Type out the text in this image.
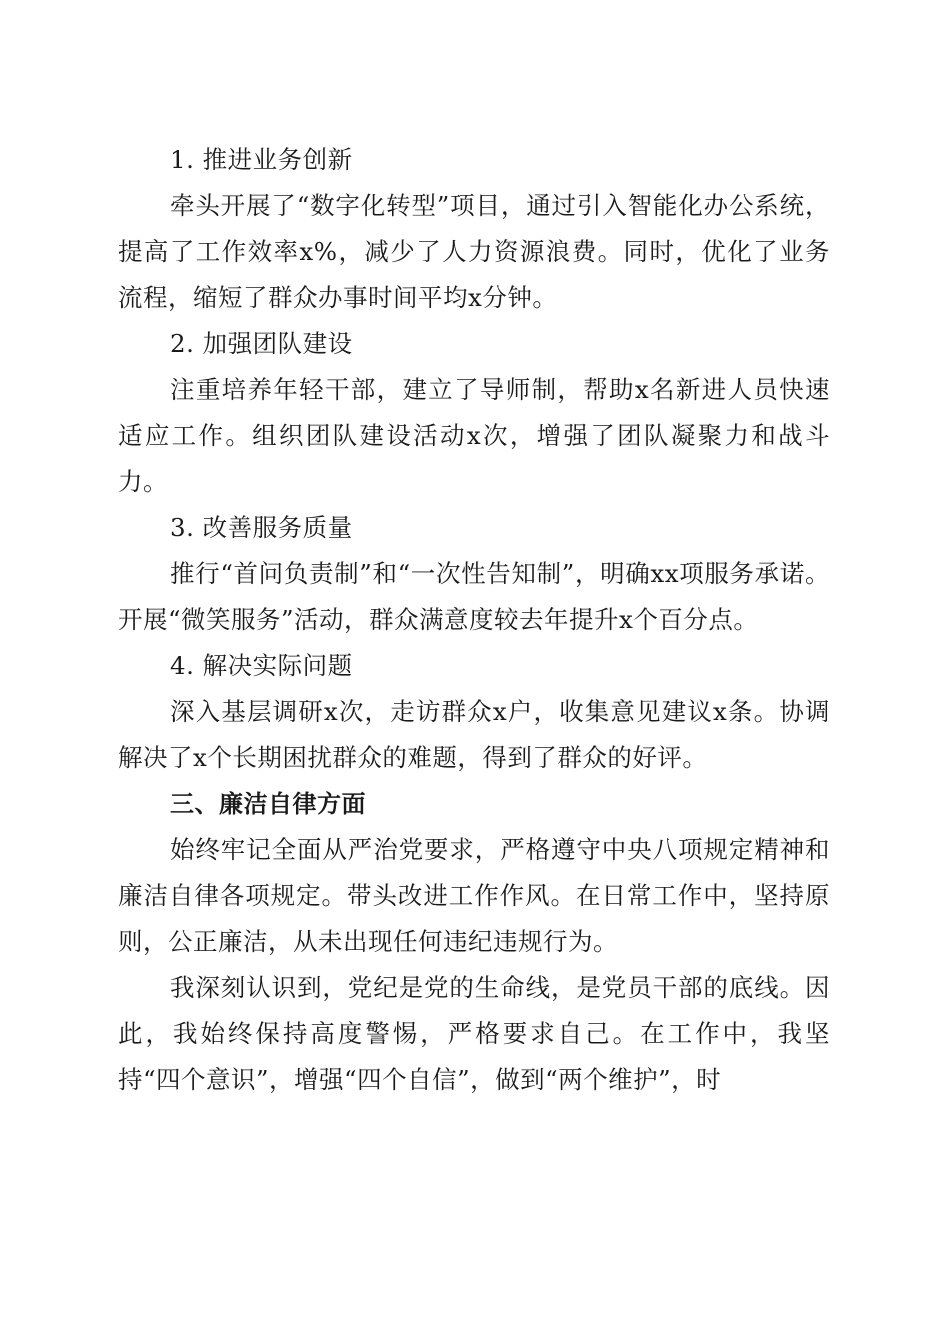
1. 推进业务创新

牵头开展了“数字化转型”项目，通过引入智能化办公系统，提高了工作效率x%，减少了人力资源浪费。同时，优化了业务流程，缩短了群众办事时间平均x分钟。

2. 加强团队建设

注重培养年轻干部，建立了导师制，帮助x名新进人员快速适应工作。组织团队建设活动x次，增强了团队凝聚力和战斗力。

3. 改善服务质量

推行“首问负责制”和“一次性告知制”，明确xx项服务承诺。开展“微笑服务”活动，群众满意度较去年提升x个百分点。

4. 解决实际问题

深入基层调研x次，走访群众x户，收集意见建议x条。协调解决了x个长期困扰群众的难题，得到了群众的好评。

三、廉洁自律方面

始终牢记全面从严治党要求，严格遵守中央八项规定精神和廉洁自律各项规定。带头改进工作作风。在日常工作中，坚持原则，公正廉洁，从未出现任何违纪违规行为。

我深刻认识到，党纪是党的生命线，是党员干部的底线。因此，我始终保持高度警惕，严格要求自己。在工作中，我坚持“四个意识”，增强“四个自信”，做到“两个维护”，时
